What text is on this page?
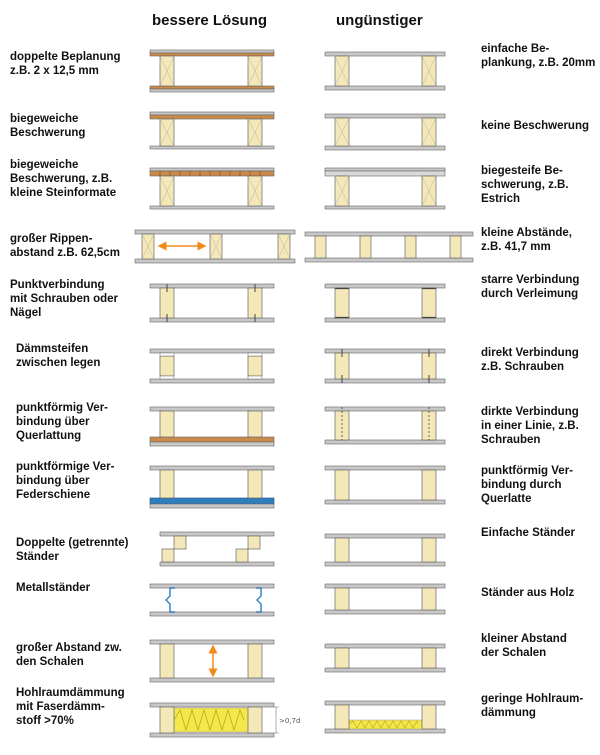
bessere Lösung	ungünstiger
doppelte Beplanung
z.B. 2 x 12,5 mm
biegeweiche
Beschwerung
biegeweiche
Beschwerung, z.B.
kleine Steinformate
großer Rippen-
abstand z.B. 62,5cm
Punktverbindung
mit Schrauben oder
Nägel
Dämmsteifen
zwischen legen
punktförmig Ver-
bindung über
Querlattung
punktförmige Ver-
bindung über
Federschiene
Doppelte (getrennte)
Ständer
Metallständer
großer Abstand zw.
den Schalen
Hohlraumdämmung
mit Faserdämm-
stoff >70%
einfache Be-
plankung, z.B. 20mm
keine Beschwerung
biegesteife Be-
schwerung, z.B.
Estrich
kleine Abstände,
z.B. 41,7 mm
starre Verbindung
durch Verleimung
direkt Verbindung
z.B. Schrauben
dirkte Verbindung
in einer Linie, z.B.
Schrauben
punktförmig Ver-
bindung durch
Querlatte
Einfache Ständer
Ständer aus Holz
kleiner Abstand
der Schalen
geringe Hohlraum-
dämmung
>0,7d
